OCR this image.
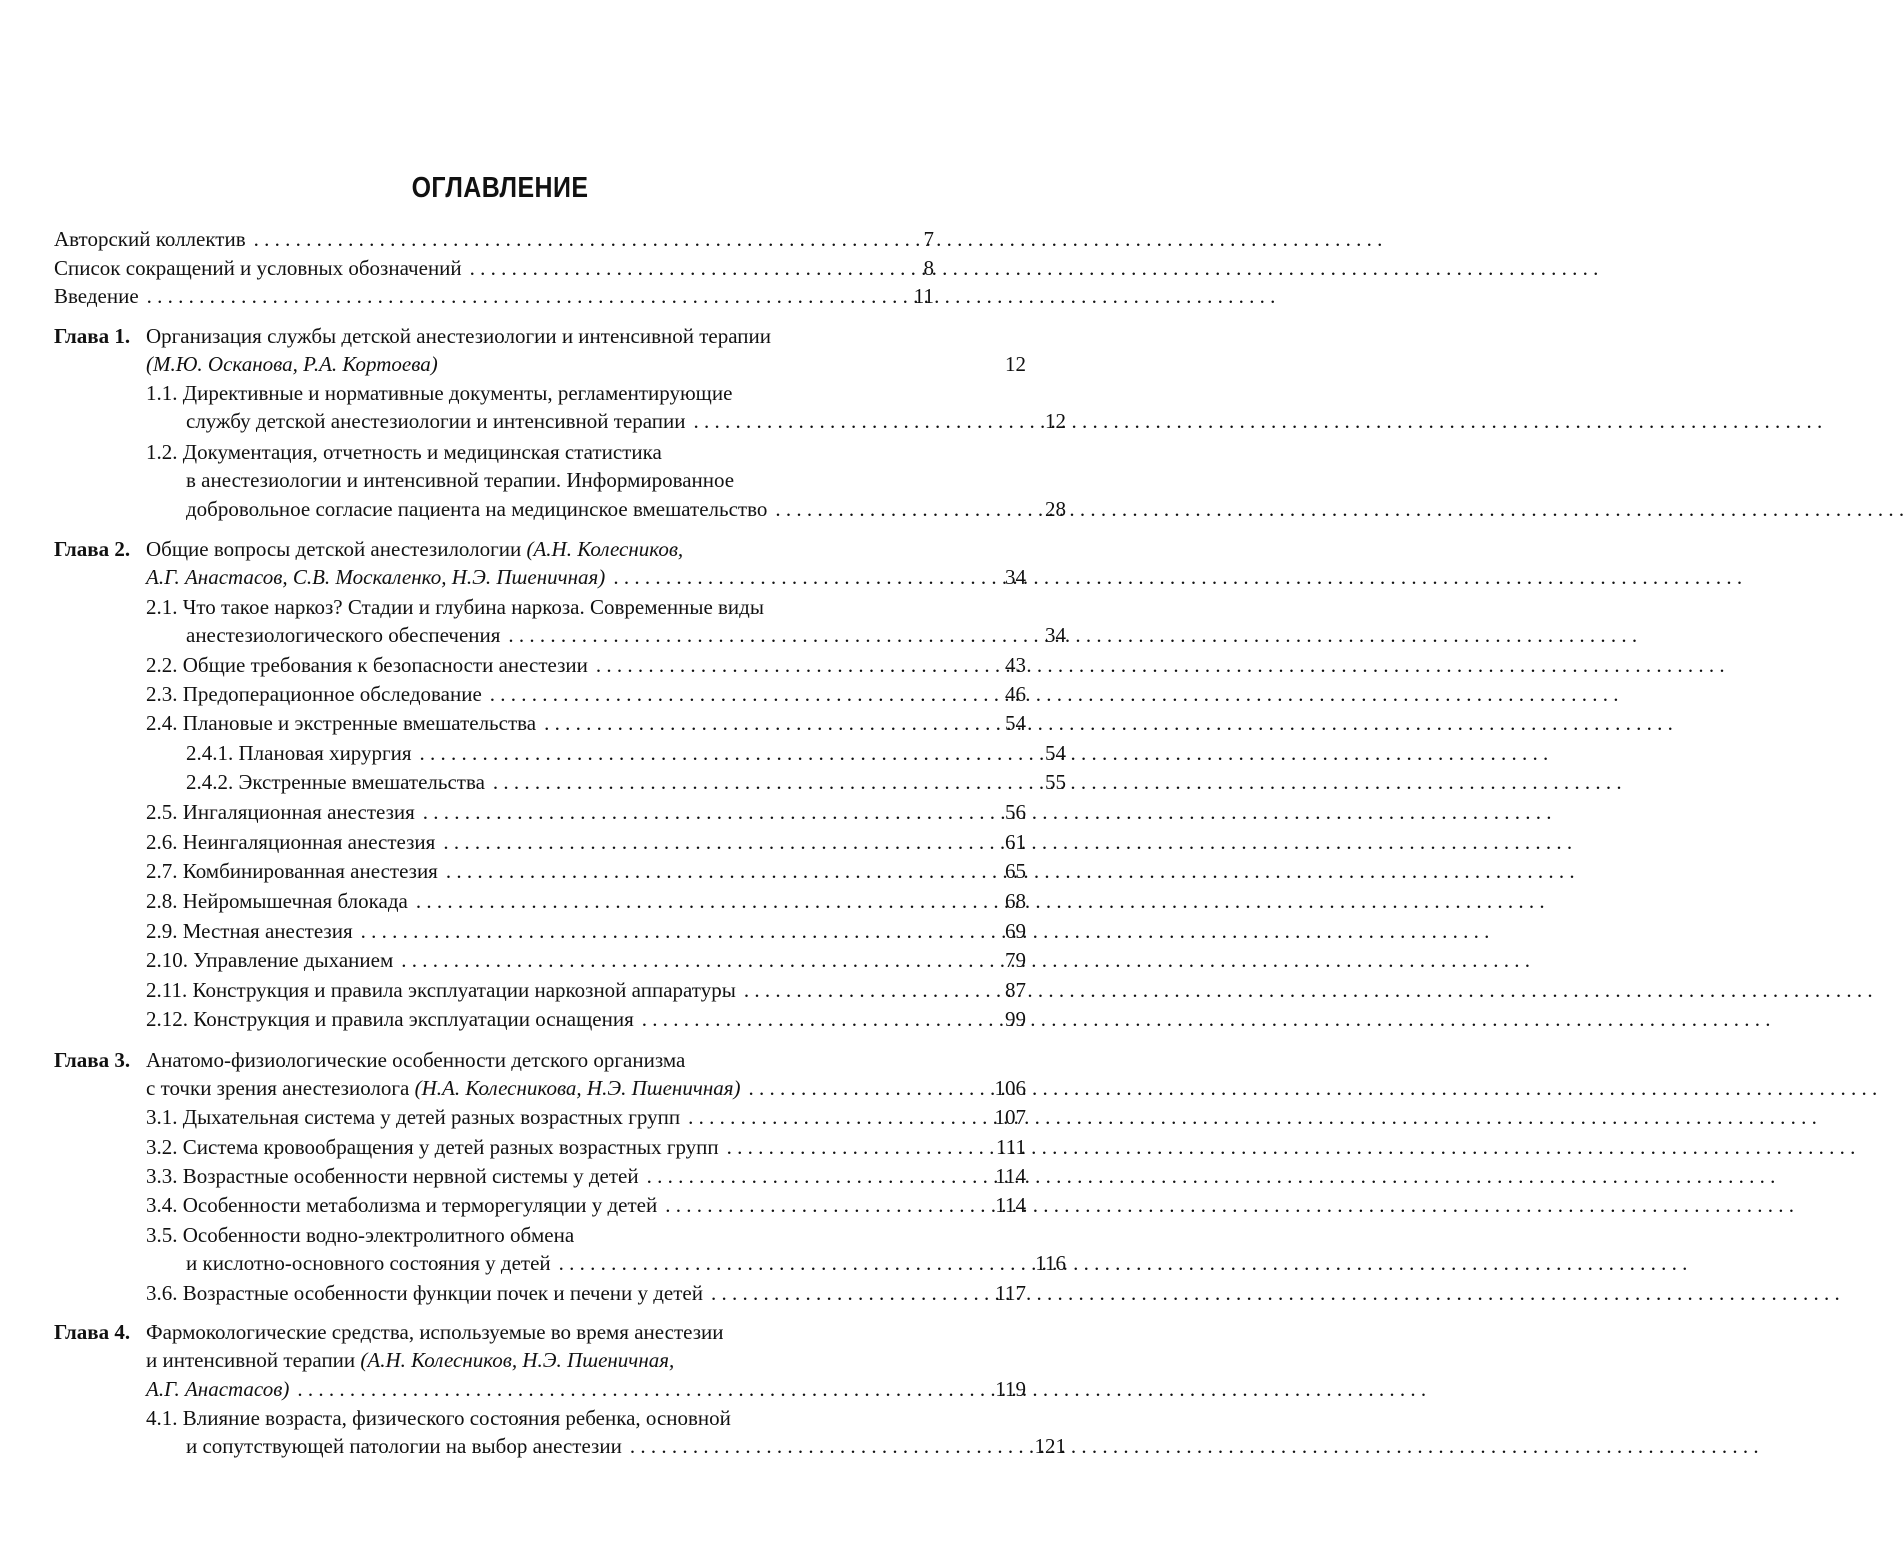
ОГЛАВЛЕНИЕ
Авторский коллектив . . .	7
Список сокращений и условных обозначений . . .	8
Введение . . .	11
Глава 1. Организация службы детской анестезиологии и интенсивной терапии
(М.Ю. Осканова, Р.А. Кортоева)	12
1.1. Директивные и нормативные документы, регламентирующие
службу детской анестезиологии и интенсивной терапии . . .	12
1.2. Документация, отчетность и медицинская статистика
в анестезиологии и интенсивной терапии. Информированное
добровольное согласие пациента на медицинское вмешательство . . .	28
Глава 2. Общие вопросы детской анестезилологии (А.Н. Колесников,
А.Г. Анастасов, С.В. Москаленко, Н.Э. Пшеничная) . . .	34
2.1. Что такое наркоз? Стадии и глубина наркоза. Современные виды
анестезиологического обеспечения . . .	34
2.2. Общие требования к безопасности анестезии . . .	43
2.3. Предоперационное обследование . . .	46
2.4. Плановые и экстренные вмешательства . . .	54
2.4.1. Плановая хирургия . . .	54
2.4.2. Экстренные вмешательства . . .	55
2.5. Ингаляционная анестезия . . .	56
2.6. Неингаляционная анестезия . . .	61
2.7. Комбинированная анестезия . . .	65
2.8. Нейромышечная блокада . . .	68
2.9. Местная анестезия . . .	69
2.10. Управление дыханием . . .	79
2.11. Конструкция и правила эксплуатации наркозной аппаратуры . . .	87
2.12. Конструкция и правила эксплуатации оснащения . . .	99
Глава 3. Анатомо-физиологические особенности детского организма
с точки зрения анестезиолога (Н.А. Колесникова, Н.Э. Пшеничная) . . .	106
3.1. Дыхательная система у детей разных возрастных групп . . .	107
3.2. Система кровообращения у детей разных возрастных групп . . .	111
3.3. Возрастные особенности нервной системы у детей . . .	114
3.4. Особенности метаболизма и терморегуляции у детей . . .	114
3.5. Особенности водно-электролитного обмена
и кислотно-основного состояния у детей . . .	116
3.6. Возрастные особенности функции почек и печени у детей . . .	117
Глава 4. Фармокологические средства, используемые во время анестезии
и интенсивной терапии (А.Н. Колесников, Н.Э. Пшеничная,
А.Г. Анастасов) . . .	119
4.1. Влияние возраста, физического состояния ребенка, основной
и сопутствующей патологии на выбор анестезии . . .	121
